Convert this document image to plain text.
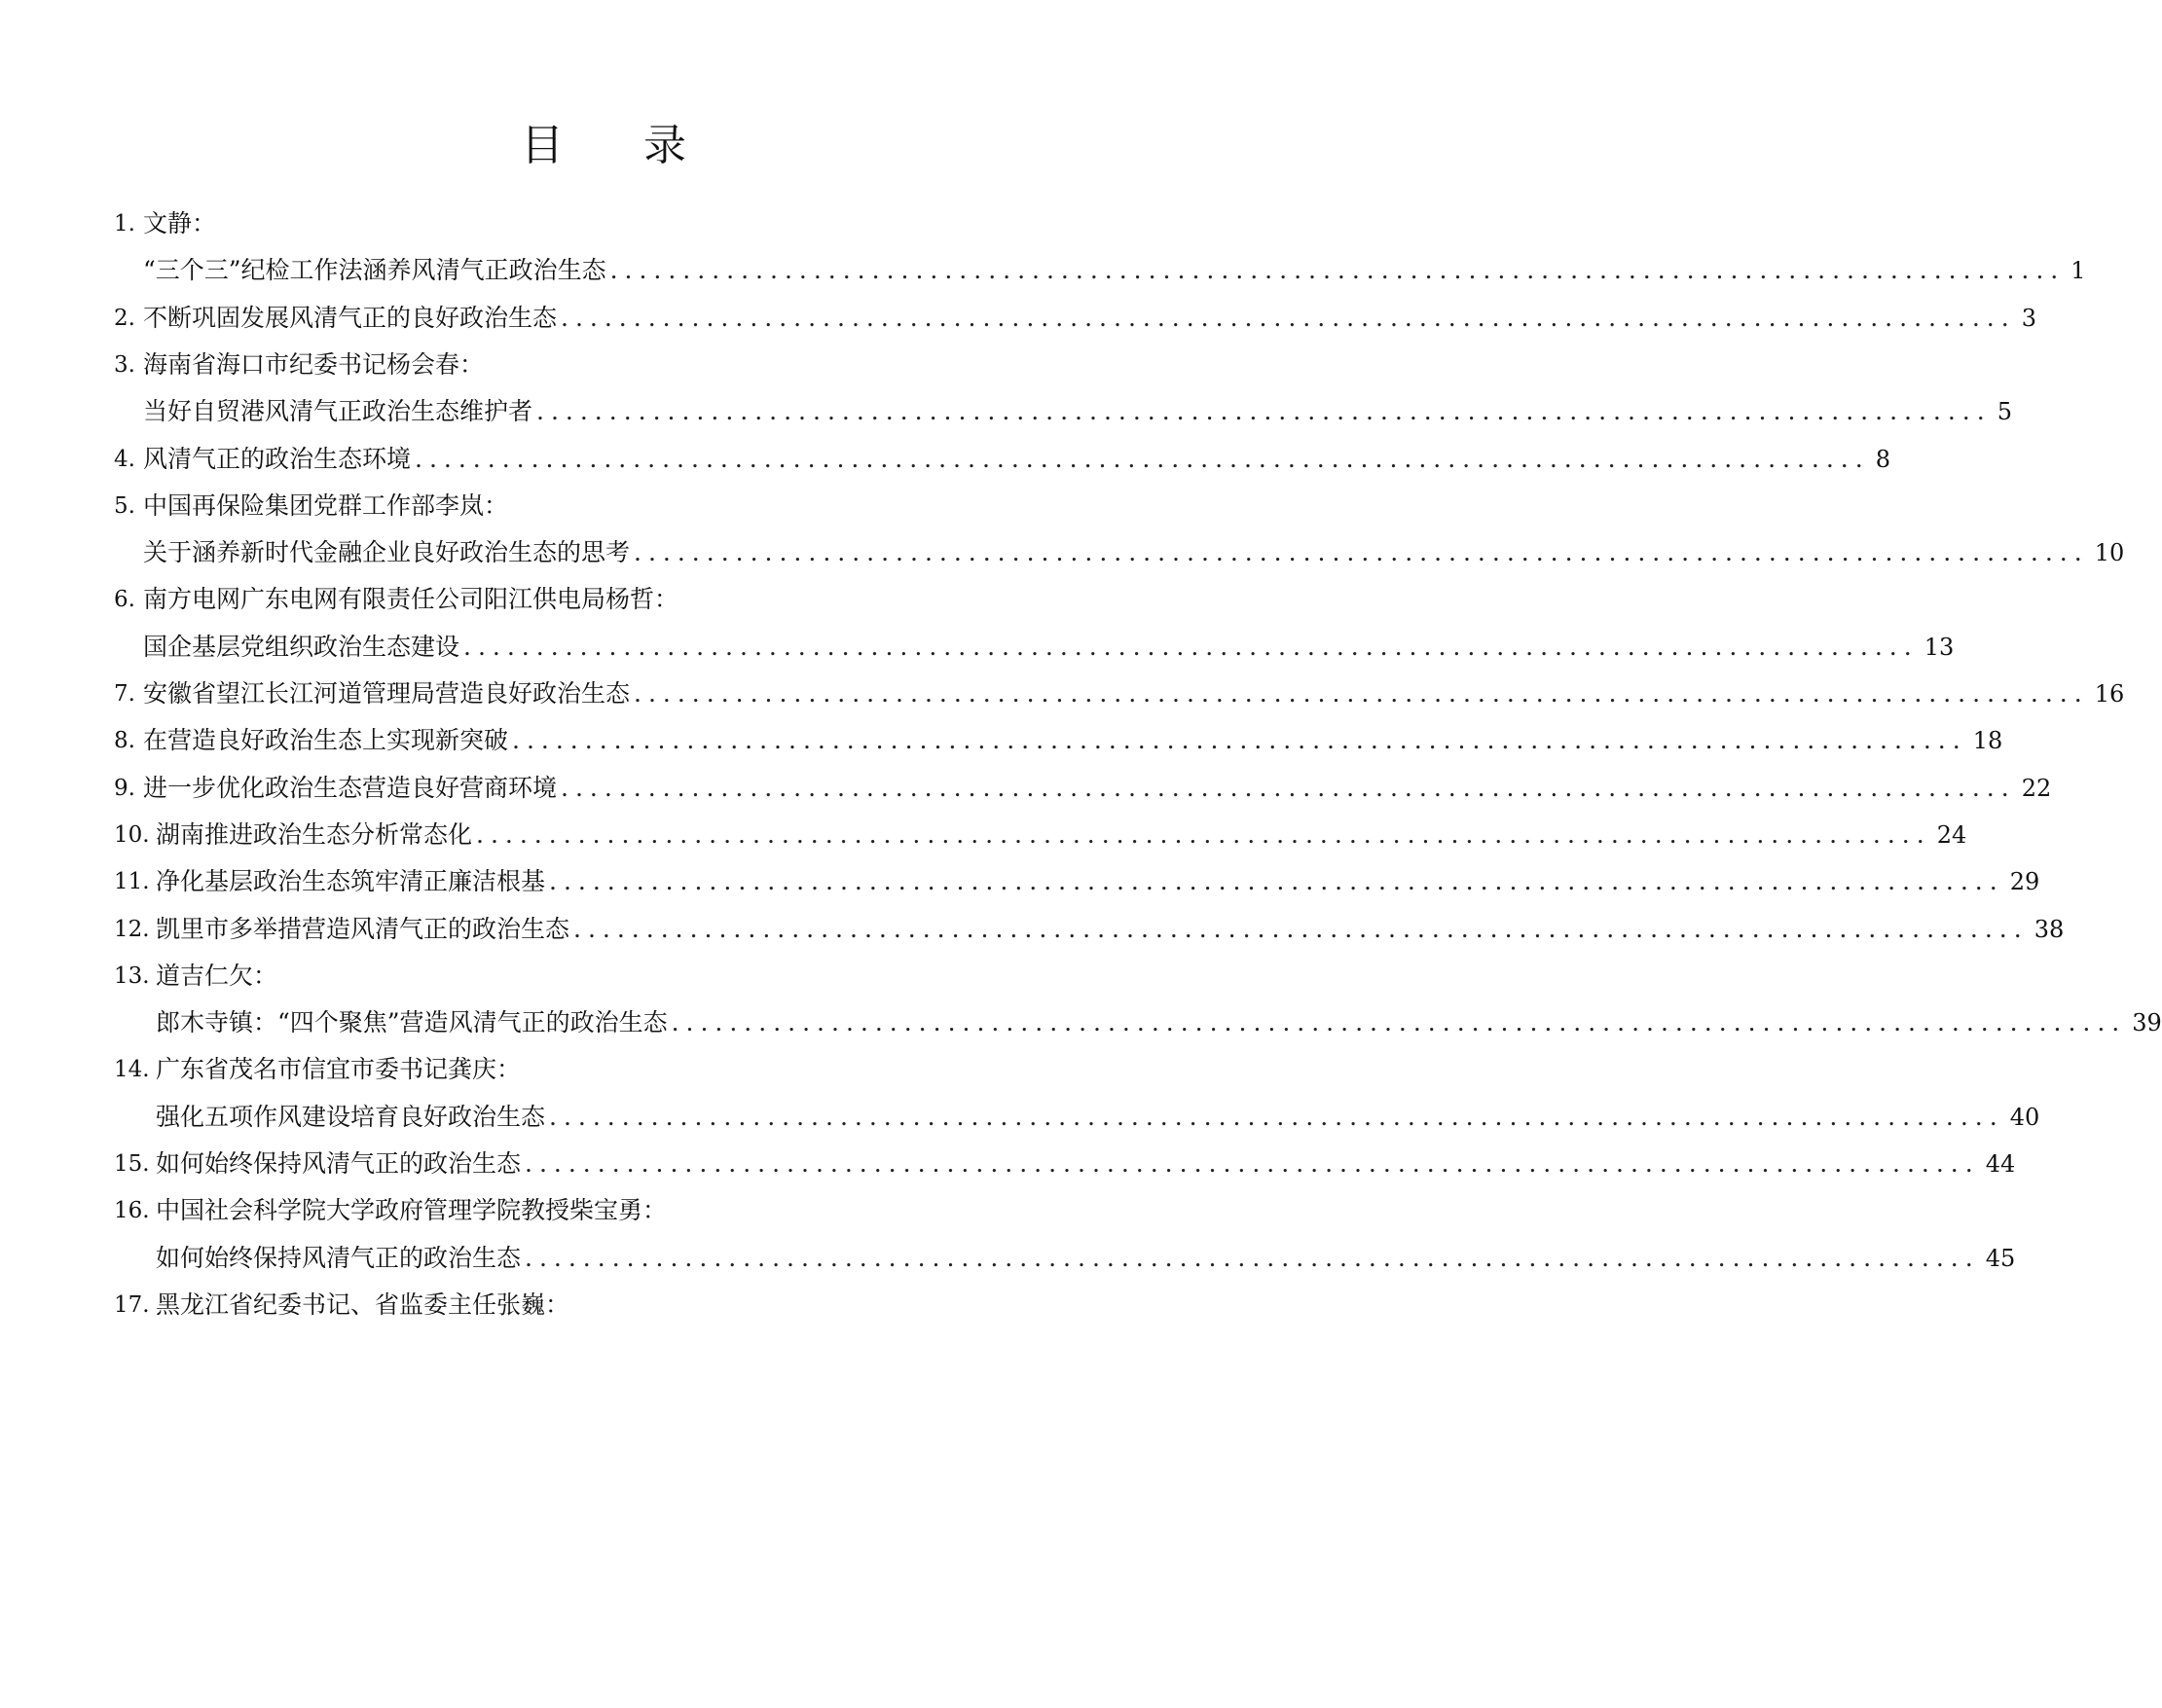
目 录
1. 文静：
“三个三”纪检工作法涵养风清气正政治生态 .................................................................................................... 1
2. 不断巩固发展风清气正的良好政治生态 .................................................................................................... 3
3. 海南省海口市纪委书记杨会春：
当好自贸港风清气正政治生态维护者 .................................................................................................... 5
4. 风清气正的政治生态环境 .................................................................................................... 8
5. 中国再保险集团党群工作部李岚：
关于涵养新时代金融企业良好政治生态的思考 .................................................................................................... 10
6. 南方电网广东电网有限责任公司阳江供电局杨哲：
国企基层党组织政治生态建设 .................................................................................................... 13
7. 安徽省望江长江河道管理局营造良好政治生态 .................................................................................................... 16
8. 在营造良好政治生态上实现新突破 .................................................................................................... 18
9. 进一步优化政治生态营造良好营商环境 .................................................................................................... 22
10. 湖南推进政治生态分析常态化 .................................................................................................... 24
11. 净化基层政治生态筑牢清正廉洁根基 .................................................................................................... 29
12. 凯里市多举措营造风清气正的政治生态 .................................................................................................... 38
13. 道吉仁欠：
郎木寺镇：“四个聚焦”营造风清气正的政治生态 .................................................................................................... 39
14. 广东省茂名市信宜市委书记龚庆：
强化五项作风建设培育良好政治生态 .................................................................................................... 40
15. 如何始终保持风清气正的政治生态 .................................................................................................... 44
16. 中国社会科学院大学政府管理学院教授柴宝勇：
如何始终保持风清气正的政治生态 .................................................................................................... 45
17. 黑龙江省纪委书记、省监委主任张巍：
